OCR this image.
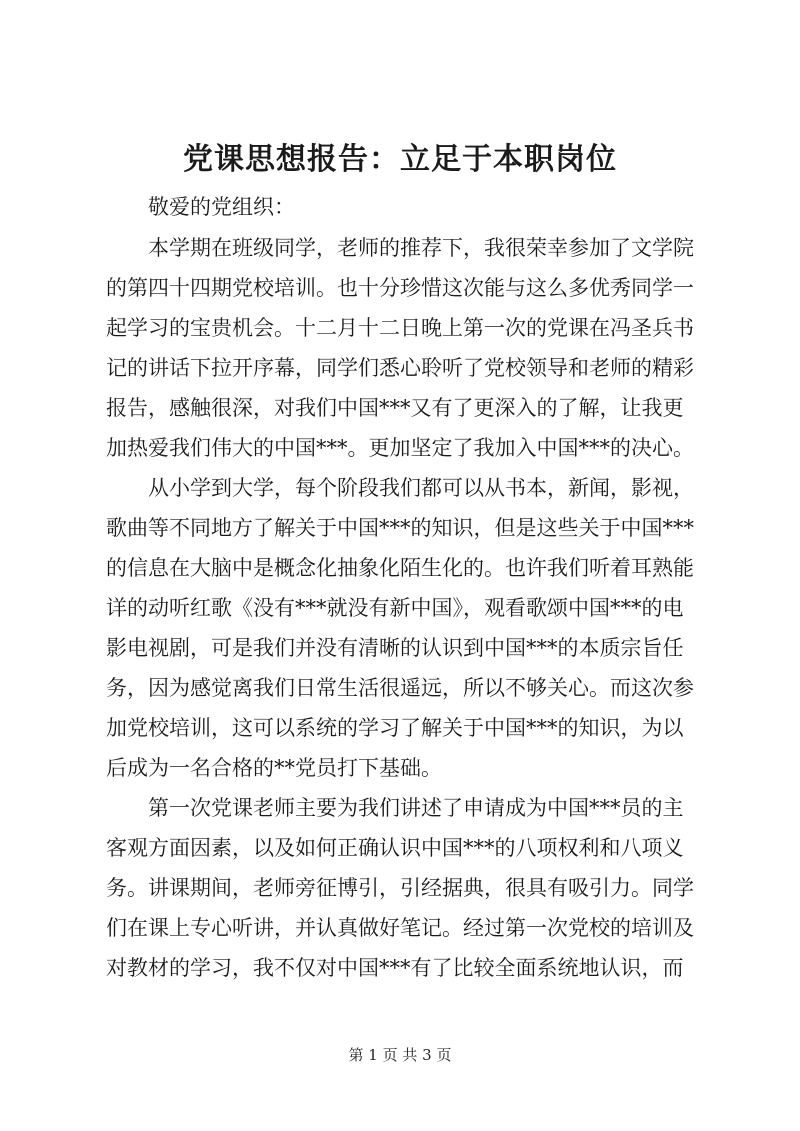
党课思想报告：立足于本职岗位
敬爱的党组织：
本学期在班级同学，老师的推荐下，我很荣幸参加了文学院
的第四十四期党校培训。也十分珍惜这次能与这么多优秀同学一
起学习的宝贵机会。十二月十二日晚上第一次的党课在冯圣兵书
记的讲话下拉开序幕，同学们悉心聆听了党校领导和老师的精彩
报告，感触很深，对我们中国***又有了更深入的了解，让我更
加热爱我们伟大的中国***。更加坚定了我加入中国***的决心。
从小学到大学，每个阶段我们都可以从书本，新闻，影视，
歌曲等不同地方了解关于中国***的知识，但是这些关于中国***
的信息在大脑中是概念化抽象化陌生化的。也许我们听着耳熟能
详的动听红歌《没有***就没有新中国》，观看歌颂中国***的电
影电视剧，可是我们并没有清晰的认识到中国***的本质宗旨任
务，因为感觉离我们日常生活很遥远，所以不够关心。而这次参
加党校培训，这可以系统的学习了解关于中国***的知识，为以
后成为一名合格的**党员打下基础。
第一次党课老师主要为我们讲述了申请成为中国***员的主
客观方面因素，以及如何正确认识中国***的八项权利和八项义
务。讲课期间，老师旁征博引，引经据典，很具有吸引力。同学
们在课上专心听讲，并认真做好笔记。经过第一次党校的培训及
对教材的学习，我不仅对中国***有了比较全面系统地认识，而
第 1 页 共 3 页
